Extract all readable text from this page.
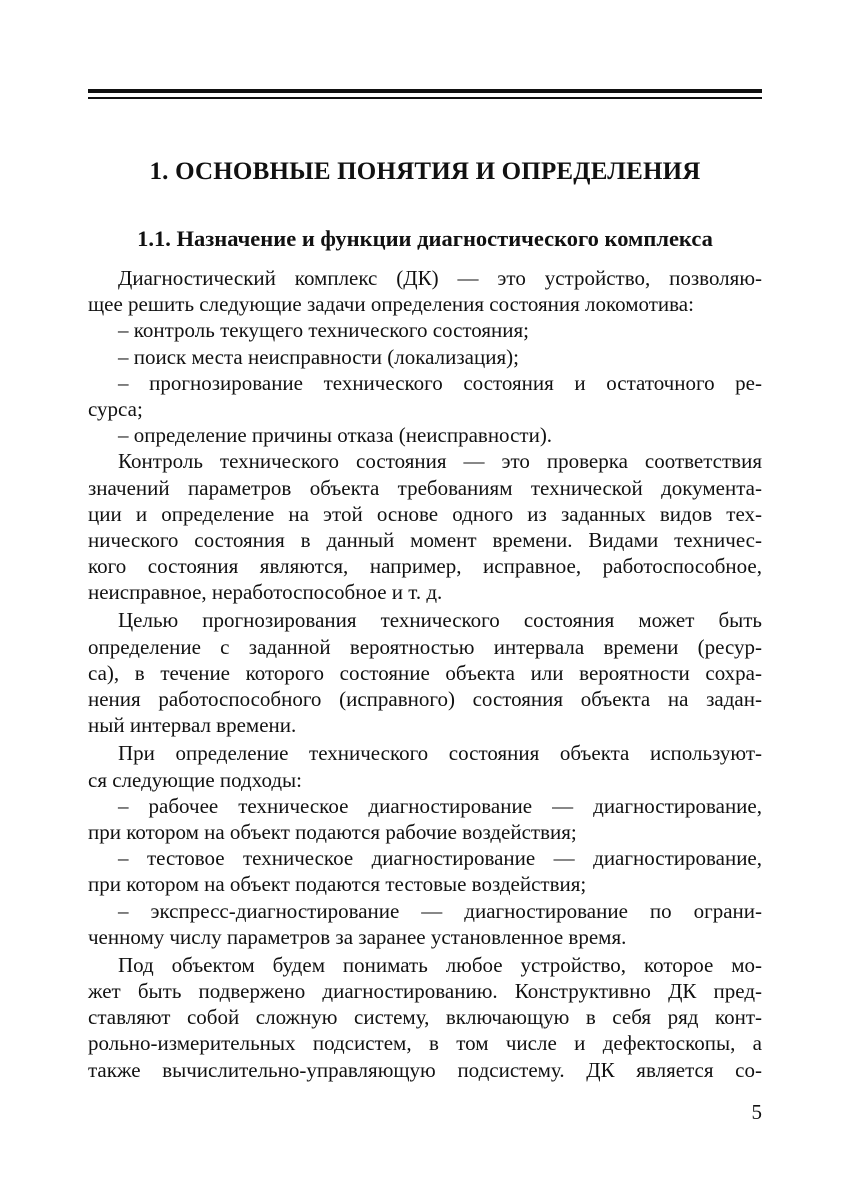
1. ОСНОВНЫЕ ПОНЯТИЯ И ОПРЕДЕЛЕНИЯ
1.1. Назначение и функции диагностического комплекса
Диагностический комплекс (ДК) — это устройство, позволяю-
щее решить следующие задачи определения состояния локомотива:
– контроль текущего технического состояния;
– поиск места неисправности (локализация);
– прогнозирование технического состояния и остаточного ре-
сурса;
– определение причины отказа (неисправности).
Контроль технического состояния — это проверка соответствия
значений параметров объекта требованиям технической документа-
ции и определение на этой основе одного из заданных видов тех-
нического состояния в данный момент времени. Видами техничес-
кого состояния являются, например, исправное, работоспособное,
неисправное, неработоспособное и т. д.
Целью прогнозирования технического состояния может быть
определение с заданной вероятностью интервала времени (ресур-
са), в течение которого состояние объекта или вероятности сохра-
нения работоспособного (исправного) состояния объекта на задан-
ный интервал времени.
При определение технического состояния объекта используют-
ся следующие подходы:
– рабочее техническое диагностирование — диагностирование,
при котором на объект подаются рабочие воздействия;
– тестовое техническое диагностирование — диагностирование,
при котором на объект подаются тестовые воздействия;
– экспресс-диагностирование — диагностирование по ограни-
ченному числу параметров за заранее установленное время.
Под объектом будем понимать любое устройство, которое мо-
жет быть подвержено диагностированию. Конструктивно ДК пред-
ставляют собой сложную систему, включающую в себя ряд конт-
рольно-измерительных подсистем, в том числе и дефектоскопы, а
также вычислительно-управляющую подсистему. ДК является со-
5
